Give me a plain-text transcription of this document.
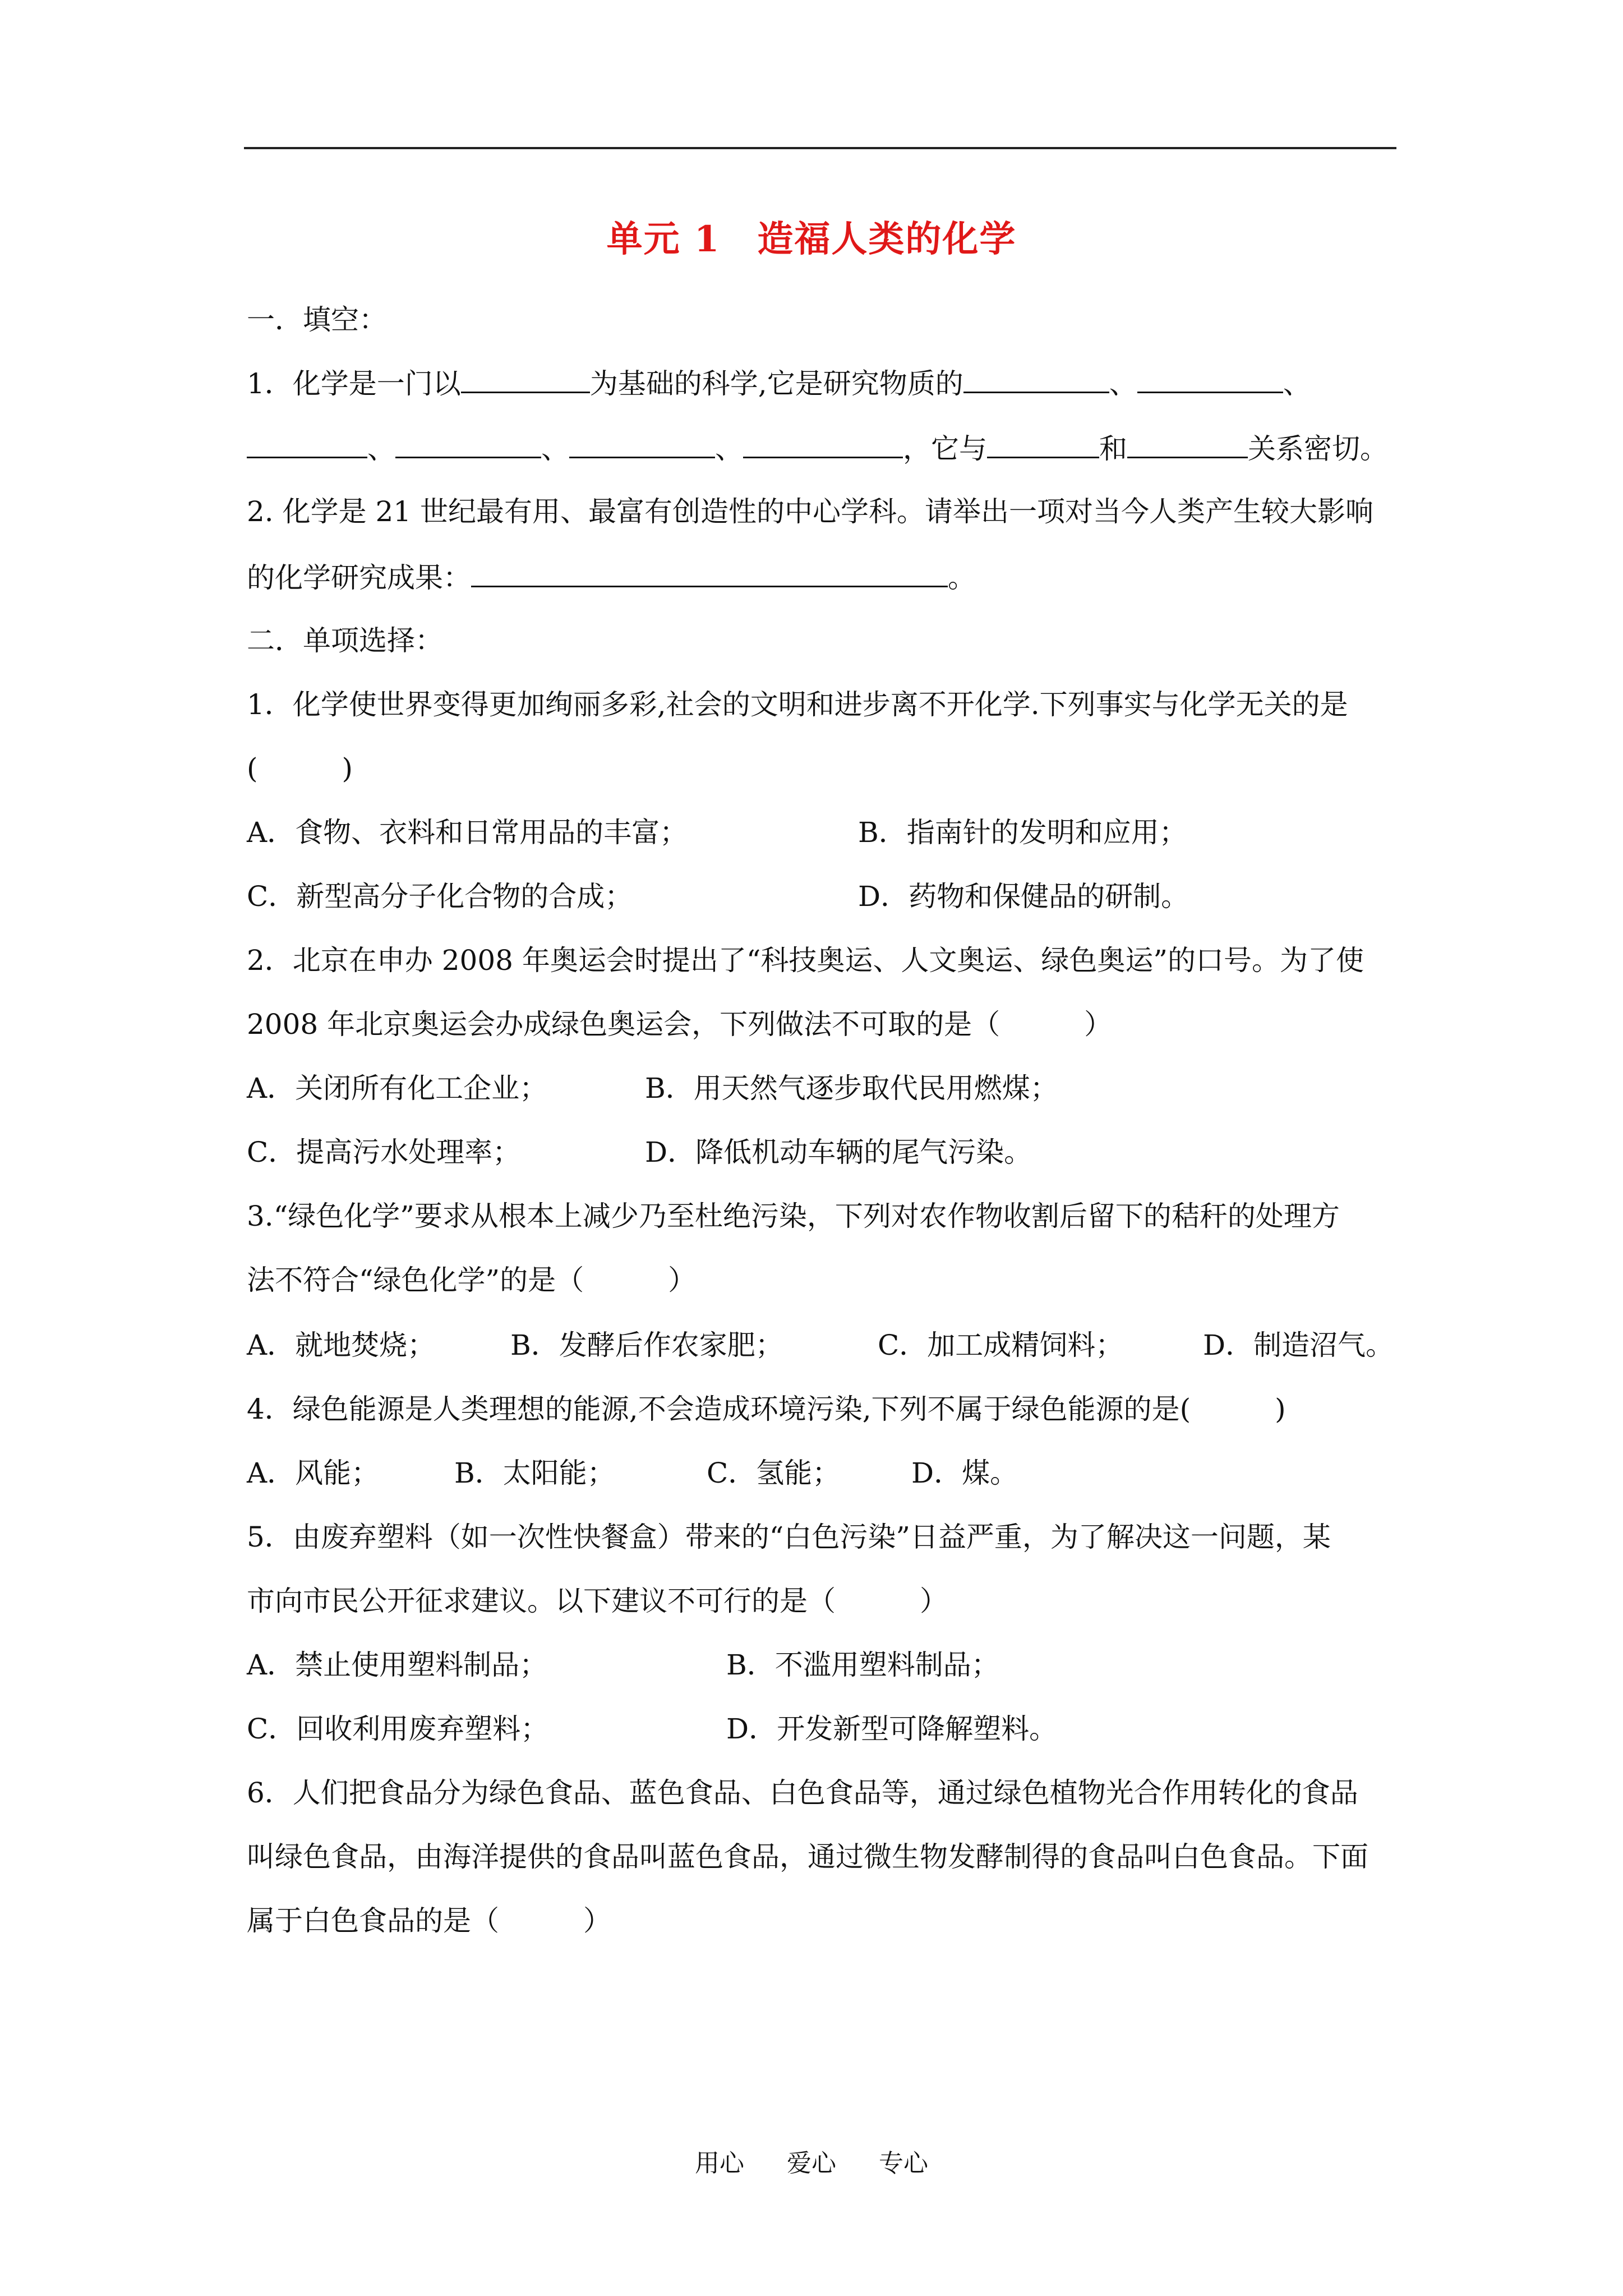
单元 1　造福人类的化学
一．填空：
1．化学是一门以	为基础的科学,它是研究物质的	、	、
、	、	、	，它与	和	关系密切。
2. 化学是 21 世纪最有用、最富有创造性的中心学科。请举出一项对当今人类产生较大影响
的化学研究成果：	。
二．单项选择：
1．化学使世界变得更加绚丽多彩,社会的文明和进步离不开化学.下列事实与化学无关的是
(　　　)
A．食物、衣料和日常用品的丰富；	B．指南针的发明和应用；
C．新型高分子化合物的合成；	D．药物和保健品的研制。
2．北京在申办 2008 年奥运会时提出了“科技奥运、人文奥运、绿色奥运”的口号。为了使
2008 年北京奥运会办成绿色奥运会，下列做法不可取的是（　　　）
A．关闭所有化工企业；	B．用天然气逐步取代民用燃煤；
C．提高污水处理率；	D．降低机动车辆的尾气污染。
3.“绿色化学”要求从根本上减少乃至杜绝污染，下列对农作物收割后留下的秸秆的处理方
法不符合“绿色化学”的是（　　　）
A．就地焚烧；	B．发酵后作农家肥；	C．加工成精饲料；	D．制造沼气。
4．绿色能源是人类理想的能源,不会造成环境污染,下列不属于绿色能源的是(　　　)
A．风能；	B．太阳能；	C．氢能；	D．煤。
5．由废弃塑料（如一次性快餐盒）带来的“白色污染”日益严重，为了解决这一问题，某
市向市民公开征求建议。以下建议不可行的是（　　　）
A．禁止使用塑料制品；	B．不滥用塑料制品；
C．回收利用废弃塑料；	D．开发新型可降解塑料。
6．人们把食品分为绿色食品、蓝色食品、白色食品等，通过绿色植物光合作用转化的食品
叫绿色食品，由海洋提供的食品叫蓝色食品，通过微生物发酵制得的食品叫白色食品。下面
属于白色食品的是（　　　）
用心 爱心 专心
